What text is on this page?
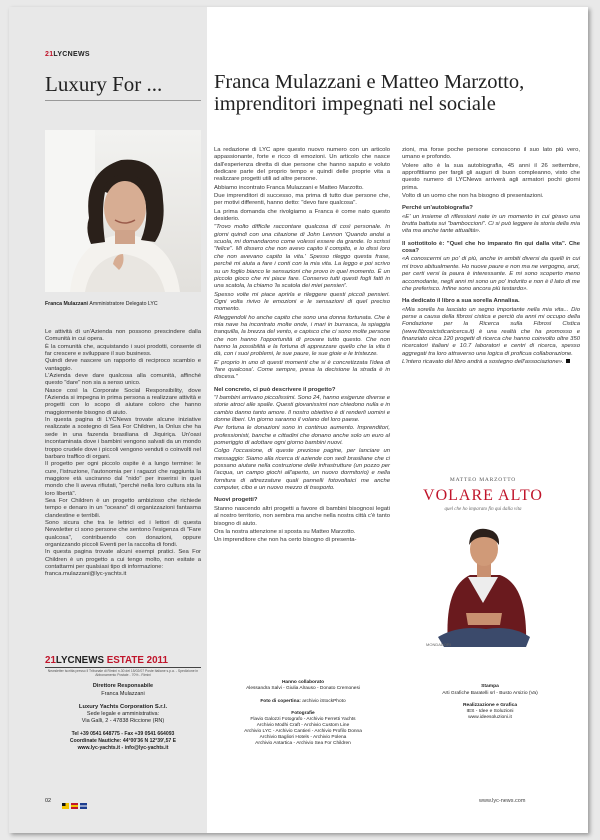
21LYCNEWS
Luxury For ...	Franca Mulazzani e Matteo Marzotto, imprenditori impegnati nel sociale
Franca Mulazzani Amministratore Delegato LYC

Le attività di un'Azienda non possono prescindere dalla Comunità in cui opera.

È la comunità che, acquistando i suoi prodotti, consente di far crescere e sviluppare il suo business.

Quindi deve nascere un rapporto di reciproco scambio e vantaggio.

L'Azienda deve dare qualcosa alla comunità, affinché questo "dare" non sia a senso unico.

Nasce così la Corporate Social Responsibility, dove l'Azienda si impegna in prima persona a realizzare attività e progetti con lo scopo di aiutare coloro che hanno maggiormente bisogno di aiuto.

In questa pagina di LYCNews trovate alcune iniziative realizzate a sostegno di Sea For Children, la Onlus che ha sede in una fazenda brasiliana di Jiquiriça. Un'oasi incontaminata dove i bambini vengono salvati da un mondo troppo crudele dove i piccoli vengono venduti o coinvolti nel barbaro traffico di organi.

Il progetto per ogni piccolo ospite è a lungo termine: le cure, l'istruzione, l'autonomia per i ragazzi che raggiunta la maggiore età usciranno dal "nido" per inserirsi in quel mondo che li aveva rifiutati, "perché nella loro cultura sta la loro libertà".

Sea For Children è un progetto ambizioso che richiede tempo e denaro in un "oceano" di organizzazioni fantasma clandestine e terribili.

Sono sicura che tra le lettrici ed i lettori di questa Newsletter ci sono persone che sentono l'esigenza di "Fare qualcosa", contribuendo con donazioni, oppure organizzando piccoli Eventi per la raccolta di fondi.

In questa pagina trovate alcuni esempi pratici. Sea For Children è un progetto a cui tengo molto, non esitate a contattarmi per qualsiasi tipo di informazione:

franca.mulazzani@lyc-yachts.it

La redazione di LYC apre questo nuovo numero con un articolo appassionante, forte e ricco di emozioni. Un articolo che nasce dall'esperienza diretta di due persone che hanno saputo e voluto dedicare parte del proprio tempo e quindi delle proprie vita a realizzare progetti utili ad altre persone.

Abbiamo incontrato Franca Mulazzani e Matteo Marzotto.

Due imprenditori di successo, ma prima di tutto due persone che, per motivi differenti, hanno detto: "devo fare qualcosa".

La prima domanda che rivolgiamo a Franca è come nato questo desiderio.

"Trovo molto difficile raccontare qualcosa di così personale. In giorni quindi con una citazione di John Lennon 'Quando andai a scuola, mi domandarono come volessi essere da grande. Io scrissi "felice". Mi dissero che non avevo capito il compito, e io dissi loro che non avevano capito la vita.' Spesso rileggo questa frase, perché mi aiuta a fare i conti con la mia vita. La leggo e poi scrivo su un foglio bianco le sensazioni che provo in quel momento. È un piccolo gioco che mi piace fare. Conservo tutti questi fogli fatti in una scatola, la chiamo 'la scatola dei miei pensieri'.

Spesso volte mi piace aprirla e rileggere questi piccoli pensieri. Ogni volta rivivo le emozioni e le sensazioni di quel preciso momento.

Rileggendoli ho anche capito che sono una donna fortunata. Che è mia nave ha incontrato molte onde, i mari in burrasca, la spiaggia tranquilla, la brezza del vento, e capisco che ci sono molte persone che non hanno l'opportunità di provare tutto questo. Che non hanno la possibilità e la fortuna di apprezzare quello che la vita ti dà, con i suoi problemi, le sue paure, le sue gioie e le tristezze.

E' proprio in uno di questi momenti che si è concretizzata l'idea di 'fare qualcosa'. Come sempre, presa la decisione la strada è in discesa."

Nel concreto, ci può descrivere il progetto?

"I bambini arrivano piccolissimi. Sono 24, hanno esigenze diverse e storie atroci alle spalle. Questi giovanissimi non chiedono nulla e in cambio danno tanto amore. Il nostro obiettivo è di renderli uomini e donne liberi. Un giorno saranno il volano del loro paese.

Per fortuna le donazioni sono in continuo aumento. Imprenditori, professionisti, banche e cittadini che donano anche solo un euro al pomeriggio di adottare ogni giorno bambini nuovi.

Colgo l'occasione, di queste preziose pagine, per lanciare un messaggio: Siamo alla ricerca di aziende con sedi brasiliane che ci possano aiutare nella costruzione delle infrastrutture (un pozzo per l'acqua, un campo giochi all'aperto, un nuovo dormitorio) e nella fornitura di attrezzature quali pannelli fotovoltaici me anche computer, cibo e un nuovo mezzo di trasporto.

Nuovi progetti?

Stanno nascendo altri progetti a favore di bambini bisognosi legati al nostro territorio, non sembra ma anche nella nostra città c'è tanto bisogno di aiuto.

Ora la nostra attenzione si sposta su Matteo Marzotto.

Un imprenditore che non ha certo bisogno di presenta-

zioni, ma forse poche persone conoscono il suo lato più vero, umano e profondo.

Volere alto è la sua autobiografia, 45 anni il 26 settembre, approfittiamo per fargli gli auguri di buon compleanno, visto che questo numero di LYCNews arriverà agli armatori pochi giorni prima.

Volto di un uomo che non ha bisogno di presentazioni.

Perché un'autobiografia?

«E' un insieme di riflessioni nate in un momento in cui giravo una brutta battuta sui "bamboccioni". Ci si può leggere la storia della mia vita ma anche tante attualità».

Il sottotitolo è: "Quel che ho imparato fin qui dalla vita". Che cosa?

«A conoscermi un po' di più, anche in ambiti diversi da quelli in cui mi trovo abitualmente. Ho nuove paure e non ma ne vergogno, anzi, per certi versi la paura è interessante. E mi sono scoperto meno accomodante, negli anni mi sono un po' indurito e non è il lato di me che preferisco. Infine sono ancora più testardo».

Ha dedicato il libro a sua sorella Annalisa.

«Mia sorella ha lasciato un segno importante nella mia vita... Dio perse a causa della fibrosi cistica e perciò da anni mi occupo della Fondazione per la Ricerca sulla Fibrosi Cistica (www.fibrosicisticaricerca.it) è una realtà che ha promosso e finanziato circa 120 progetti di ricerca che hanno coinvolto oltre 350 ricercatori italiani e 10.7 laboratori e centri di ricerca, spesso aggregati tra loro attraverso una logica di proficua collaborazione.

L'intero ricavato del libro andrà a sostegno dell'associazione».

MATTEO MARZOTTO
VOLARE ALTO
quel che ho imparato fin qui dalla vita
MONDADORI
21LYCNEWS ESTATE 2011
Newsletter iscritta presso il Tribunale di Rimini n.30 del 15/02/07 Poste Italiane s.p.a. - Spedizione in Abbonamento Postale - 70% - Rimini
Direttore Responsabile
Franca Mulazzani
Luxury Yachts Corporation S.r.l.
Sede legale e amministrativa:
Via Galli, 2 - 47838 Riccione (RN)
Tel +39 0541 648775 - Fax +39 0541 664093
Coordinate Nautiche: 44°00'36 N 12°39',57 E
www.lyc-yachts.it - info@lyc-yachts.it
Hanno collaborato
Alessandra Salvi - Giulia Alrauso - Donato Cremonesi
Foto di copertina: archivio iStockPhoto
Fotografie
Flavio Galozzi Fotografo - Archivio Ferretti Yachts
Archivio Modhi Craft - Archivio Custom Line
Archivio LYC - Archivio Cantieri - Archivio Profilo Donna
Archivio Bagliori Hotels - Archivio Polena
Archivio Antartica - Archivio Sea For Children
Stampa
Arti Grafiche Baratelli srl - Busto Arsizio (Va)
Realizzazione e Grafica
IES - Idee e Soluzioni
www.ideesoluzioni.it
02	www.lyc-news.com
